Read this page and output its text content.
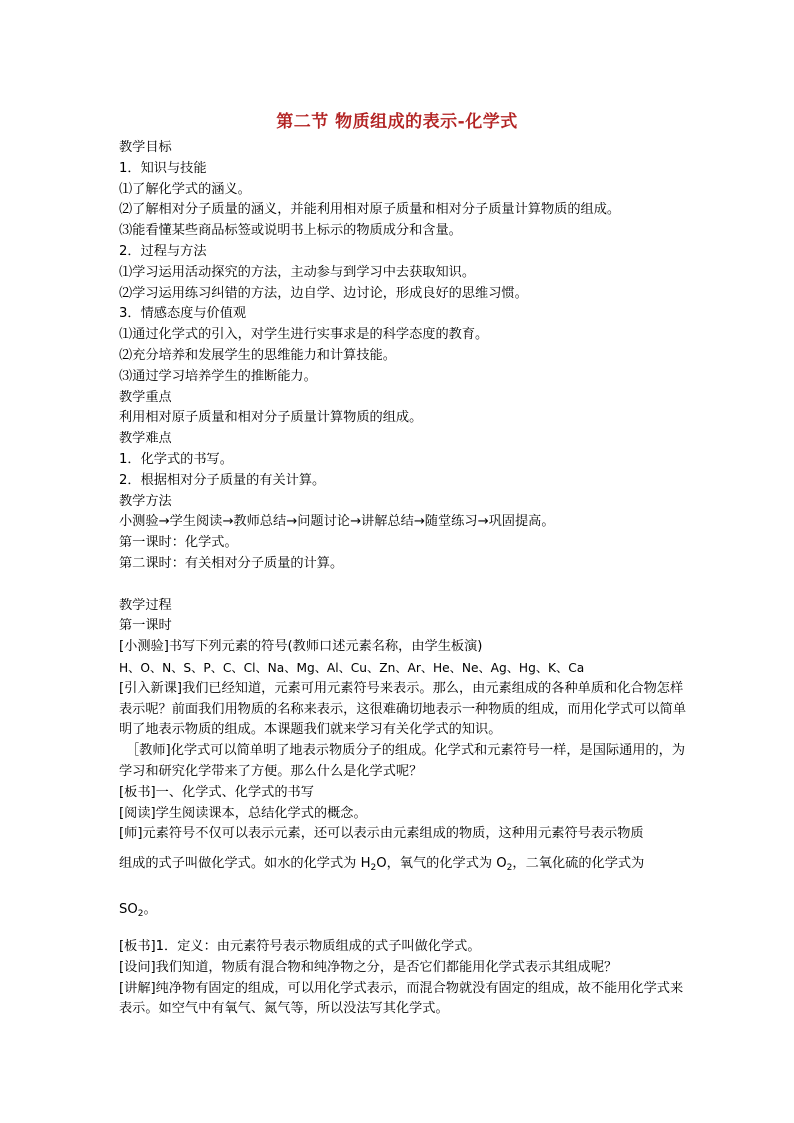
第二节 物质组成的表示-化学式
教学目标
1．知识与技能
⑴了解化学式的涵义。
⑵了解相对分子质量的涵义，并能利用相对原子质量和相对分子质量计算物质的组成。
⑶能看懂某些商品标签或说明书上标示的物质成分和含量。
2．过程与方法
⑴学习运用活动探究的方法，主动参与到学习中去获取知识。
⑵学习运用练习纠错的方法，边自学、边讨论，形成良好的思维习惯。
3．情感态度与价值观
⑴通过化学式的引入，对学生进行实事求是的科学态度的教育。
⑵充分培养和发展学生的思维能力和计算技能。
⑶通过学习培养学生的推断能力。
教学重点
利用相对原子质量和相对分子质量计算物质的组成。
教学难点
1．化学式的书写。
2．根据相对分子质量的有关计算。
教学方法
小测验→学生阅读→教师总结→问题讨论→讲解总结→随堂练习→巩固提高。
第一课时：化学式。
第二课时：有关相对分子质量的计算。
教学过程
第一课时
[小测验]书写下列元素的符号(教师口述元素名称，由学生板演)
H、O、N、S、P、C、Cl、Na、Mg、Al、Cu、Zn、Ar、He、Ne、Ag、Hg、K、Ca
[引入新课]我们已经知道，元素可用元素符号来表示。那么，由元素组成的各种单质和化合物怎样表示呢？前面我们用物质的名称来表示，这很难确切地表示一种物质的组成，而用化学式可以简单明了地表示物质的组成。本课题我们就来学习有关化学式的知识。
［教师]化学式可以简单明了地表示物质分子的组成。化学式和元素符号一样，是国际通用的，为学习和研究化学带来了方便。那么什么是化学式呢？
[板书]一、化学式、化学式的书写
[阅读]学生阅读课本，总结化学式的概念。
[师]元素符号不仅可以表示元素，还可以表示由元素组成的物质，这种用元素符号表示物质
组成的式子叫做化学式。如水的化学式为 $H_2O$，氧气的化学式为 $O_2$，二氧化硫的化学式为
$SO_2$。
[板书]1．定义：由元素符号表示物质组成的式子叫做化学式。
[设问]我们知道，物质有混合物和纯净物之分，是否它们都能用化学式表示其组成呢？
[讲解]纯净物有固定的组成，可以用化学式表示，而混合物就没有固定的组成，故不能用化学式来表示。如空气中有氧气、氮气等，所以没法写其化学式。
